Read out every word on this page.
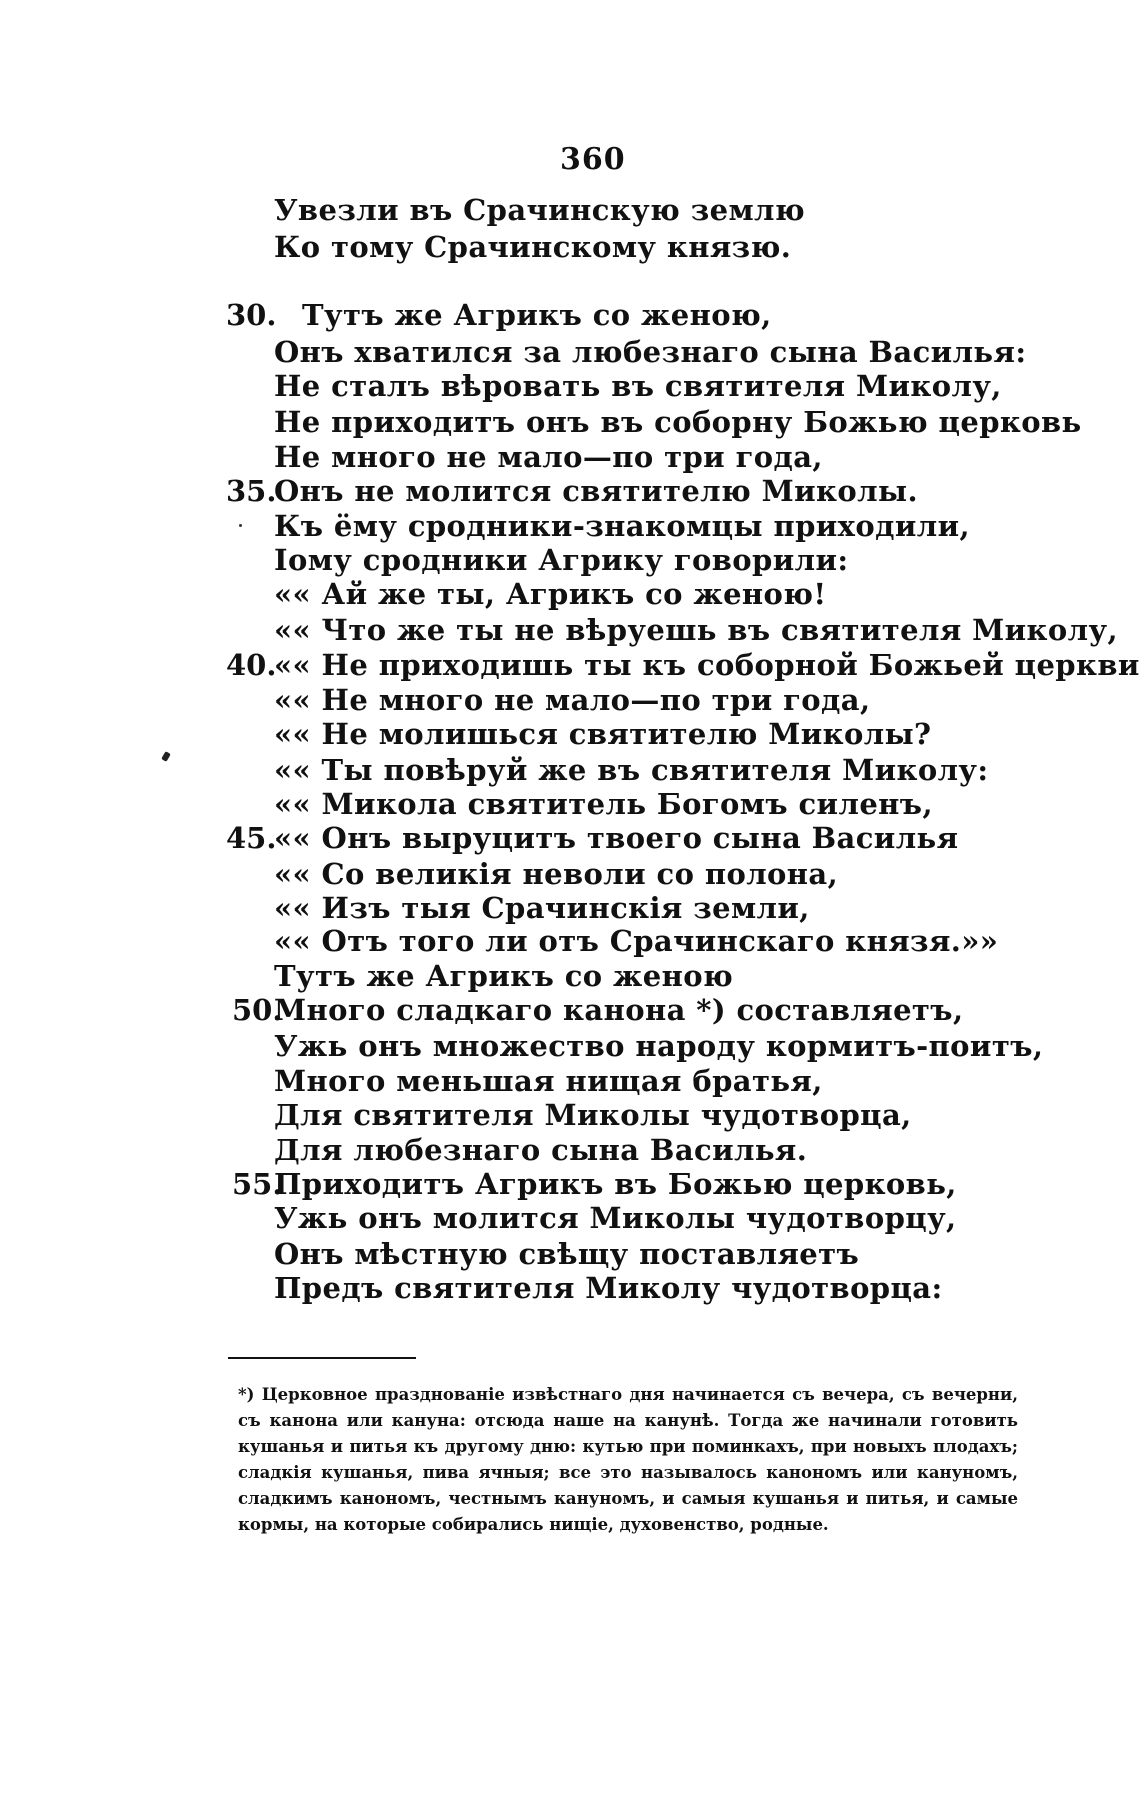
360
Увезли въ Срачинскую землю
Ко тому Срачинскому князю.
30. Тутъ же Агрикъ со женою,
Онъ хватился за любезнаго сына Василья:
Не сталъ вѣровать въ святителя Миколу,
Не приходитъ онъ въ соборну Божью церковь
Не много не мало—по три года,
35.
Онъ не молится святителю Миколы.
Къ ёму сродники-знакомцы приходили,
Іому сродники Агрику говорили:
«« Ай же ты, Агрикъ со женою!
«« Что же ты не вѣруешь въ святителя Миколу,
40.
«« Не приходишь ты къ соборной Божьей церкви
«« Не много не мало—по три года,
«« Не молишься святителю Миколы?
«« Ты повѣруй же въ святителя Миколу:
«« Микола святитель Богомъ силенъ,
45.
«« Онъ выруцитъ твоего сына Василья
«« Со великія неволи со полона,
«« Изъ тыя Срачинскія земли,
«« Отъ того ли отъ Срачинскаго князя.»»
Тутъ же Агрикъ со женою
50.
Много сладкаго канона *) составляетъ,
Ужь онъ множество народу кормитъ-поитъ,
Много меньшая нищая братья,
Для святителя Миколы чудотворца,
Для любезнаго сына Василья.
55.
Приходитъ Агрикъ въ Божью церковь,
Ужь онъ молится Миколы чудотворцу,
Онъ мѣстную свѣщу поставляетъ
Предъ святителя Миколу чудотворца:
*) Церковное празднованіе извѣстнаго дня начинается съ вечера, съ вечерни, съ канона или кануна: отсюда наше на канунѣ. Тогда же начинали готовить кушанья и питья къ другому дню: кутью при поминкахъ, при новыхъ плодахъ; сладкія кушанья, пива ячныя; все это называлось канономъ или кануномъ, сладкимъ канономъ, честнымъ кануномъ, и самыя кушанья и питья, и самые кормы, на которые собирались нищіе, духовенство, родные.
